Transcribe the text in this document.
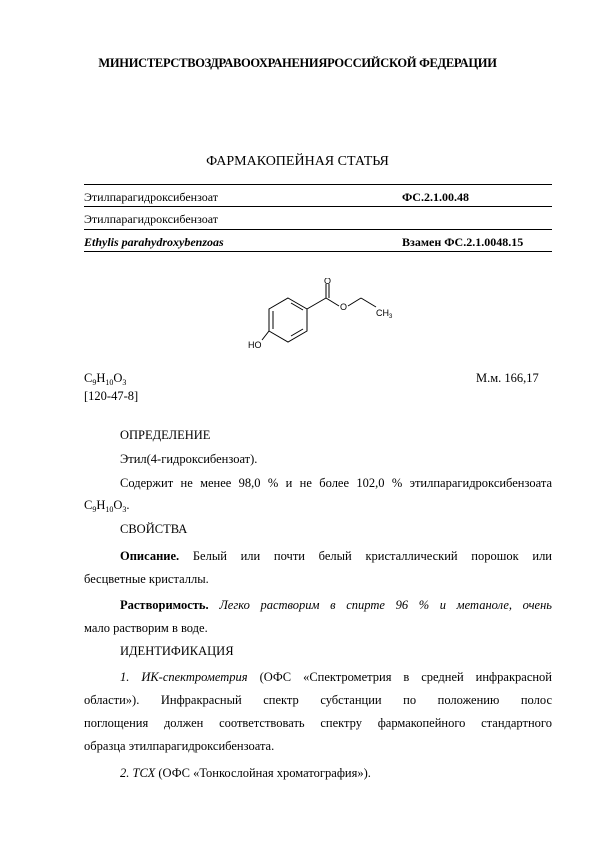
МИНИСТЕРСТВОЗДРАВООХРАНЕНИЯРОССИЙСКОЙ ФЕДЕРАЦИИ
ФАРМАКОПЕЙНАЯ СТАТЬЯ
Этилпарагидроксибензоат	ФС.2.1.00.48
Этилпарагидроксибензоат
Ethylis parahydroxybenzoas	Взамен ФС.2.1.0048.15
O
O
CH 3
HO
$C_9H_{10}O_3$
[120-47-8]
М.м. 166,17
ОПРЕДЕЛЕНИЕ
Этил(4-гидроксибензоат).
Содержит не менее 98,0 % и не более 102,0 % этилпарагидроксибензоата
$C_9H_{10}O_3$.
СВОЙСТВА
Описание. Белый или почти белый кристаллический порошок или
бесцветные кристаллы.
Растворимость. Легко растворим в спирте 96 % и метаноле, очень
мало растворим в воде.
ИДЕНТИФИКАЦИЯ
1. ИК-спектрометрия (ОФС «Спектрометрия в средней инфракрасной
области»). Инфракрасный спектр субстанции по положению полос
поглощения должен соответствовать спектру фармакопейного стандартного
образца этилпарагидроксибензоата.
2. ТСХ (ОФС «Тонкослойная хроматография»).
